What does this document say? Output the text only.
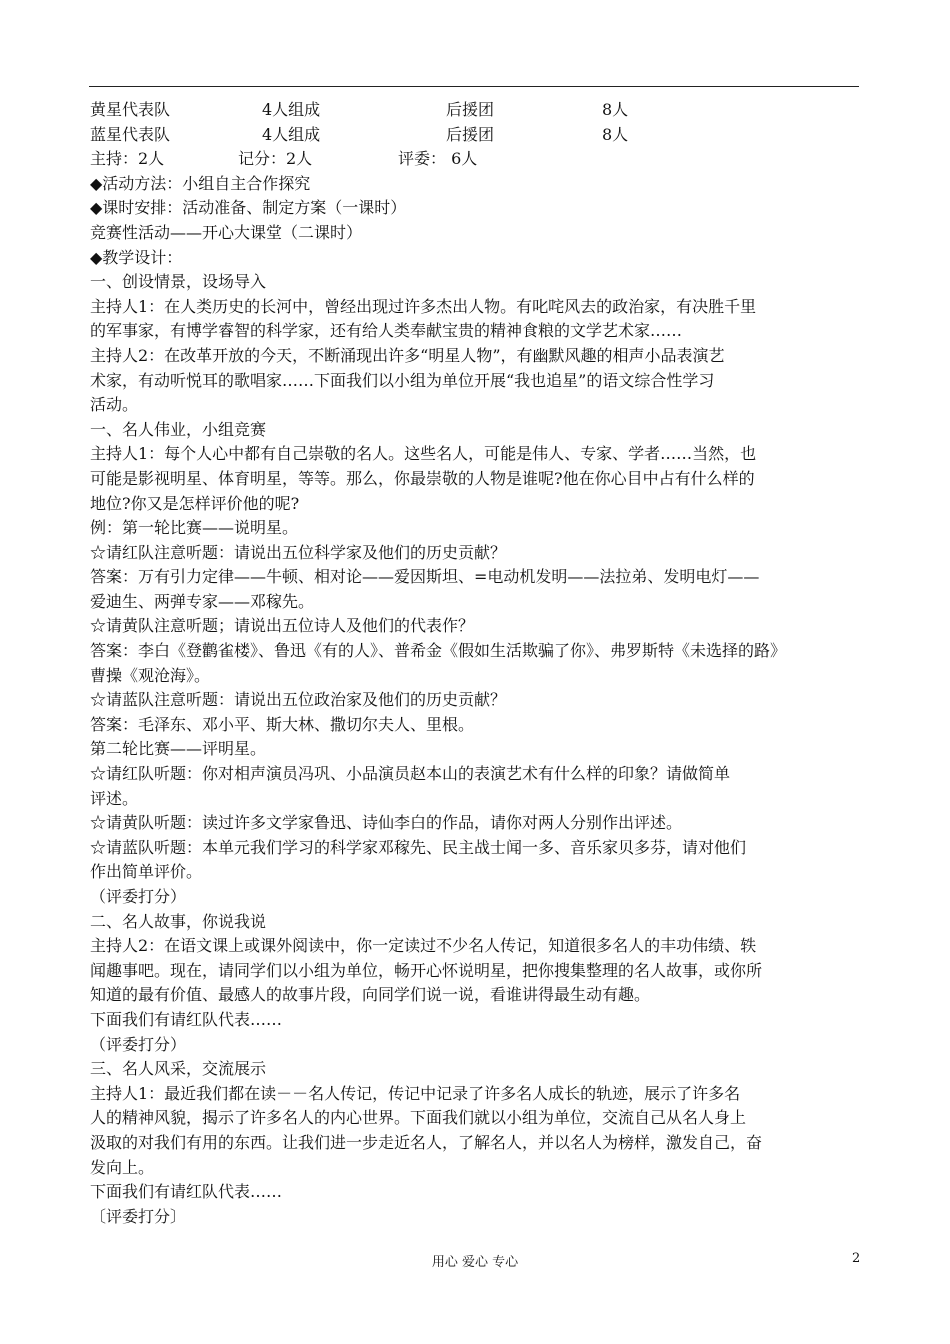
黄星代表队	4人组成	后援团	8人
蓝星代表队	4人组成	后援团	8人
主持：2人	记分：2人	评委： 6人
◆活动方法：小组自主合作探究
◆课时安排：活动准备、制定方案（一课时）
竞赛性活动——开心大课堂（二课时）
◆教学设计：
一、创设情景，设场导入
主持人1：在人类历史的长河中，曾经出现过许多杰出人物。有叱咤风去的政治家，有决胜千里
的军事家，有博学睿智的科学家，还有给人类奉献宝贵的精神食粮的文学艺术家……
主持人2：在改革开放的今天，不断涌现出许多“明星人物”，有幽默风趣的相声小品表演艺
术家，有动听悦耳的歌唱家……下面我们以小组为单位开展“我也追星”的语文综合性学习
活动。
一、名人伟业，小组竞赛
主持人1：每个人心中都有自己崇敬的名人。这些名人，可能是伟人、专家、学者……当然，也
可能是影视明星、体育明星，等等。那么，你最崇敬的人物是谁呢?他在你心目中占有什么样的
地位?你又是怎样评价他的呢?
例：第一轮比赛——说明星。
☆请红队注意听题：请说出五位科学家及他们的历史贡献？
答案：万有引力定律——牛顿、相对论——爱因斯坦、=电动机发明——法拉弟、发明电灯——
爱迪生、两弹专家——邓稼先。
☆请黄队注意听题；请说出五位诗人及他们的代表作？
答案：李白《登鹳雀楼》、鲁迅《有的人》、普希金《假如生活欺骗了你》、弗罗斯特《未选择的路》
曹操《观沧海》。
☆请蓝队注意听题：请说出五位政治家及他们的历史贡献？
答案：毛泽东、邓小平、斯大林、撒切尔夫人、里根。
第二轮比赛——评明星。
☆请红队听题：你对相声演员冯巩、小品演员赵本山的表演艺术有什么样的印象？请做简单
评述。
☆请黄队听题：读过许多文学家鲁迅、诗仙李白的作品，请你对两人分别作出评述。
☆请蓝队听题：本单元我们学习的科学家邓稼先、民主战士闻一多、音乐家贝多芬，请对他们
作出简单评价。
（评委打分）
二、名人故事，你说我说
主持人2：在语文课上或课外阅读中，你一定读过不少名人传记，知道很多名人的丰功伟绩、轶
闻趣事吧。现在，请同学们以小组为单位，畅开心怀说明星，把你搜集整理的名人故事，或你所
知道的最有价值、最感人的故事片段，向同学们说一说，看谁讲得最生动有趣。
下面我们有请红队代表……
（评委打分）
三、名人风采，交流展示
主持人1：最近我们都在读－－名人传记，传记中记录了许多名人成长的轨迹，展示了许多名
人的精神风貌，揭示了许多名人的内心世界。下面我们就以小组为单位，交流自己从名人身上
汲取的对我们有用的东西。让我们进一步走近名人，了解名人，并以名人为榜样，激发自己，奋
发向上。
下面我们有请红队代表……
〔评委打分〕
用心 爱心 专心	2
